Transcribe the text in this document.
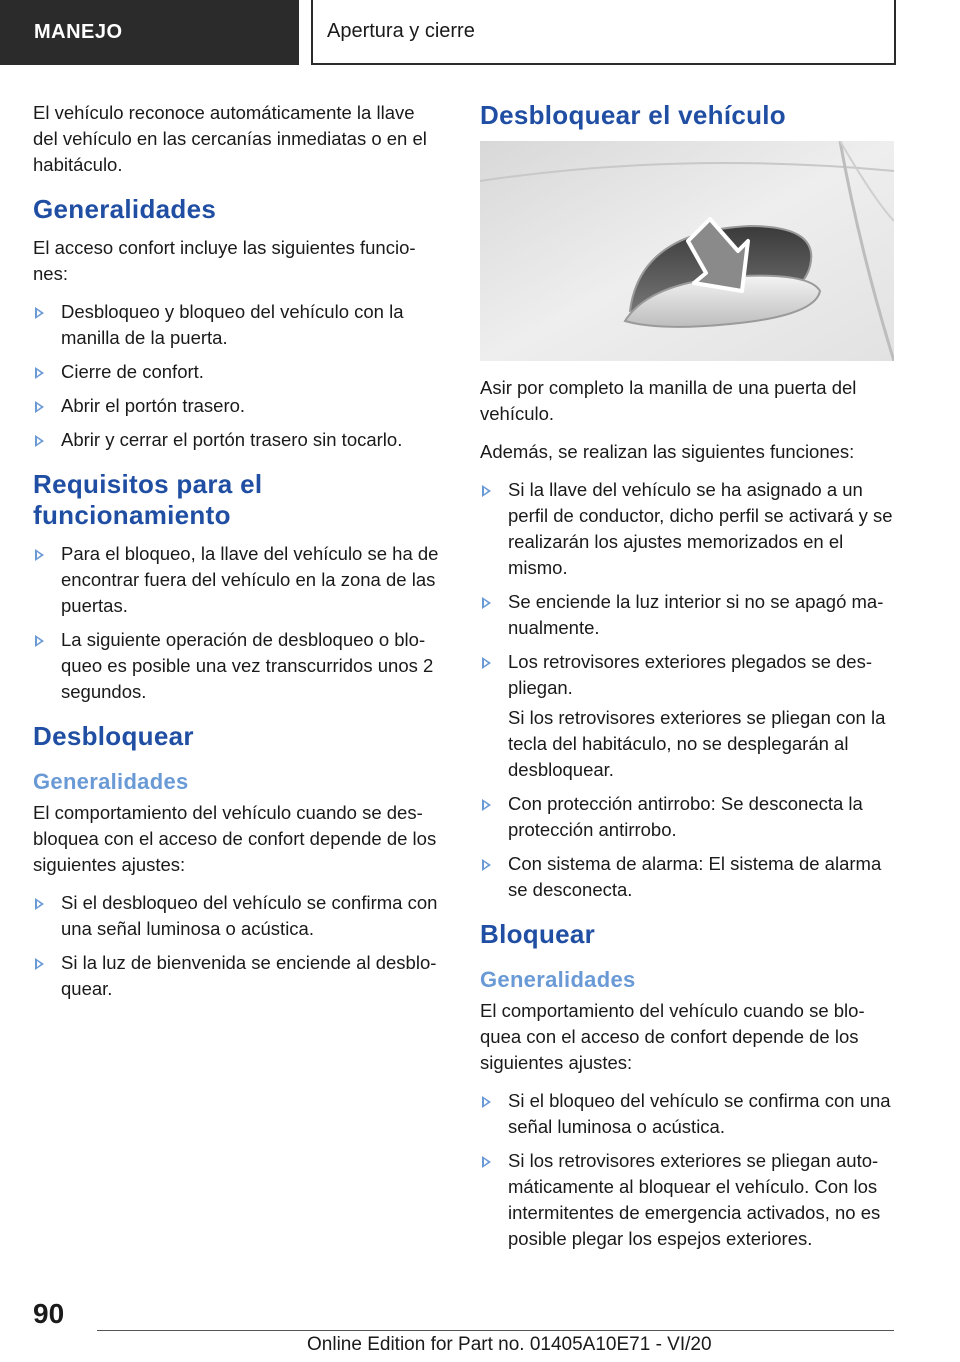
MANEJO	Apertura y cierre

El vehículo reconoce automáticamente la llave del vehículo en las cercanías inmediatas o en el habitáculo.

Generalidades

El acceso confort incluye las siguientes funciones:

Desbloqueo y bloqueo del vehículo con la manilla de la puerta.
Cierre de confort.
Abrir el portón trasero.
Abrir y cerrar el portón trasero sin tocarlo.
Requisitos para el funcionamiento
Para el bloqueo, la llave del vehículo se ha de encontrar fuera del vehículo en la zona de las puertas.
La siguiente operación de desbloqueo o bloqueo es posible una vez transcurridos unos 2 segundos.
Desbloquear
Generalidades

El comportamiento del vehículo cuando se desbloquea con el acceso de confort depende de los siguientes ajustes:

Si el desbloqueo del vehículo se confirma con una señal luminosa o acústica.
Si la luz de bienvenida se enciende al desbloquear.
Desbloquear el vehículo

Asir por completo la manilla de una puerta del vehículo.

Además, se realizan las siguientes funciones:

Si la llave del vehículo se ha asignado a un perfil de conductor, dicho perfil se activará y se realizarán los ajustes memorizados en el mismo.
Se enciende la luz interior si no se apagó manualmente.
Los retrovisores exteriores plegados se despliegan.

Si los retrovisores exteriores se pliegan con la tecla del habitáculo, no se desplegarán al desbloquear.

Con protección antirrobo: Se desconecta la protección antirrobo.
Con sistema de alarma: El sistema de alarma se desconecta.
Bloquear
Generalidades

El comportamiento del vehículo cuando se bloquea con el acceso de confort depende de los siguientes ajustes:

Si el bloqueo del vehículo se confirma con una señal luminosa o acústica.
Si los retrovisores exteriores se pliegan automáticamente al bloquear el vehículo. Con los intermitentes de emergencia activados, no es posible plegar los espejos exteriores.
90
Online Edition for Part no. 01405A10E71 - VI/20
